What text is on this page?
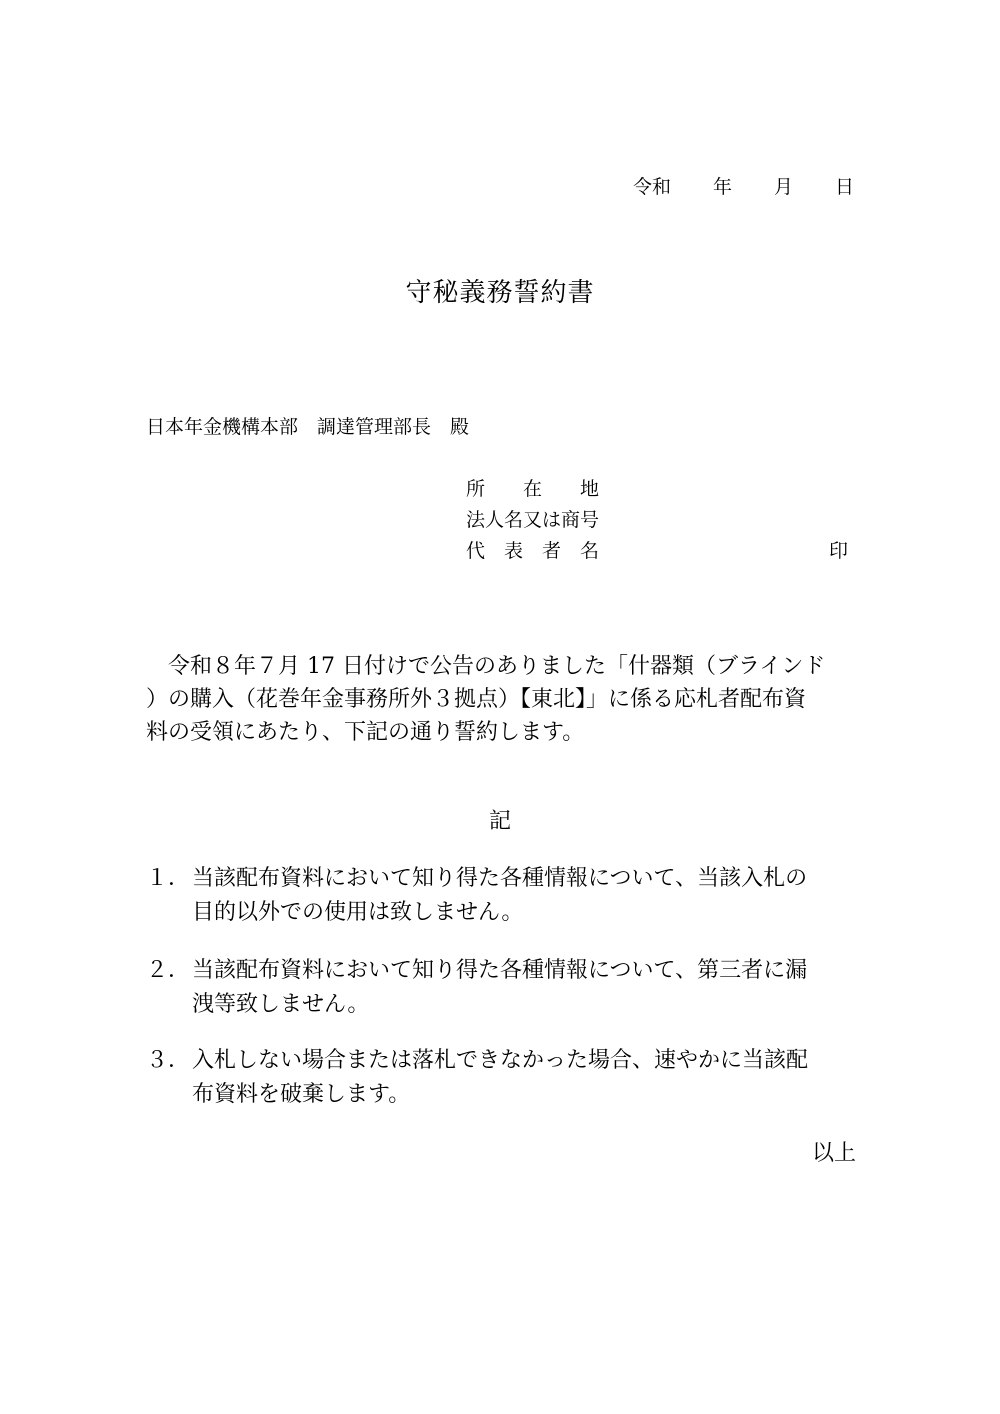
令和 年 月 日
守秘義務誓約書
日本年金機構本部　調達管理部長　殿
所　　在　　地
法人名又は商号
代　表　者　名	印
　令和８年７月 17 日付けで公告のありました「什器類（ブラインド
）の購入（花巻年金事務所外３拠点）【東北】」に係る応札者配布資
料の受領にあたり、下記の通り誓約します。
記
１．当該配布資料において知り得た各種情報について、当該入札の
目的以外での使用は致しません。
２．当該配布資料において知り得た各種情報について、第三者に漏
洩等致しません。
３．入札しない場合または落札できなかった場合、速やかに当該配
布資料を破棄します。
以上
